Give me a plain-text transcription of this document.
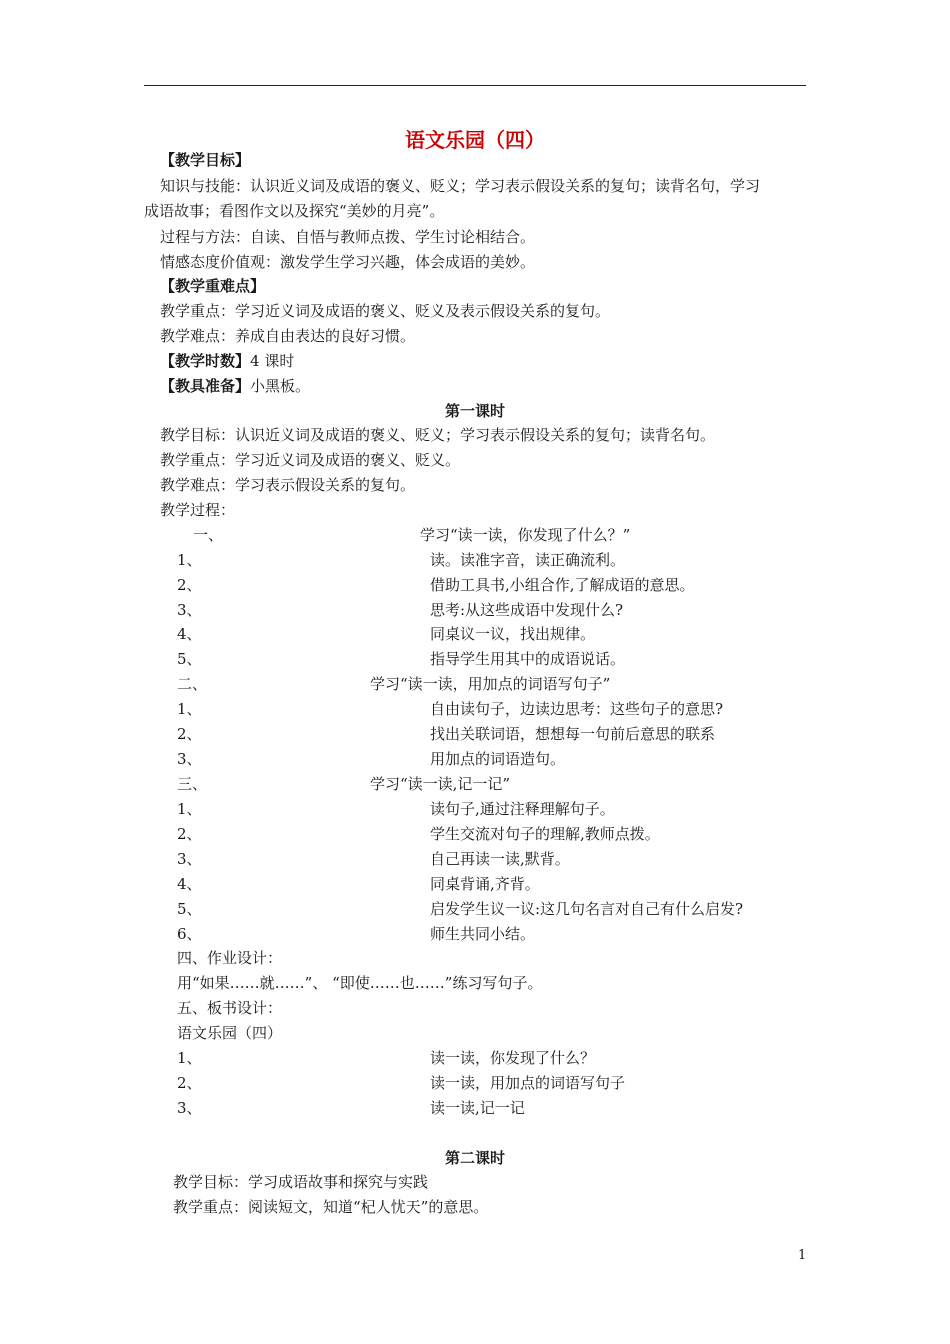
语文乐园（四）
【教学目标】
知识与技能：认识近义词及成语的褒义、贬义；学习表示假设关系的复句；读背名句，学习
成语故事；看图作文以及探究“美妙的月亮”。
过程与方法：自读、自悟与教师点拨、学生讨论相结合。
情感态度价值观：激发学生学习兴趣，体会成语的美妙。
【教学重难点】
教学重点：学习近义词及成语的褒义、贬义及表示假设关系的复句。
教学难点：养成自由表达的良好习惯。
【教学时数】4 课时
【教具准备】小黑板。
第一课时
教学目标：认识近义词及成语的褒义、贬义；学习表示假设关系的复句；读背名句。
教学重点：学习近义词及成语的褒义、贬义。
教学难点：学习表示假设关系的复句。
教学过程：
一、	学习“读一读，你发现了什么？”
1、	读。读准字音，读正确流利。
2、	借助工具书,小组合作,了解成语的意思。
3、	思考:从这些成语中发现什么?
4、	同桌议一议，找出规律。
5、	指导学生用其中的成语说话。
二、	学习“读一读，用加点的词语写句子”
1、	自由读句子，边读边思考：这些句子的意思?
2、	找出关联词语，想想每一句前后意思的联系
3、	用加点的词语造句。
三、	学习“读一读,记一记”
1、	读句子,通过注释理解句子。
2、	学生交流对句子的理解,教师点拨。
3、	自己再读一读,默背。
4、	同桌背诵,齐背。
5、	启发学生议一议:这几句名言对自己有什么启发?
6、	师生共同小结。
四、作业设计：
用“如果……就……”、 “即使……也……”练习写句子。
五、板书设计：
语文乐园（四）
1、	读一读，你发现了什么？
2、	读一读，用加点的词语写句子
3、	读一读,记一记
第二课时
教学目标：学习成语故事和探究与实践
教学重点：阅读短文，知道“杞人忧天”的意思。
1
